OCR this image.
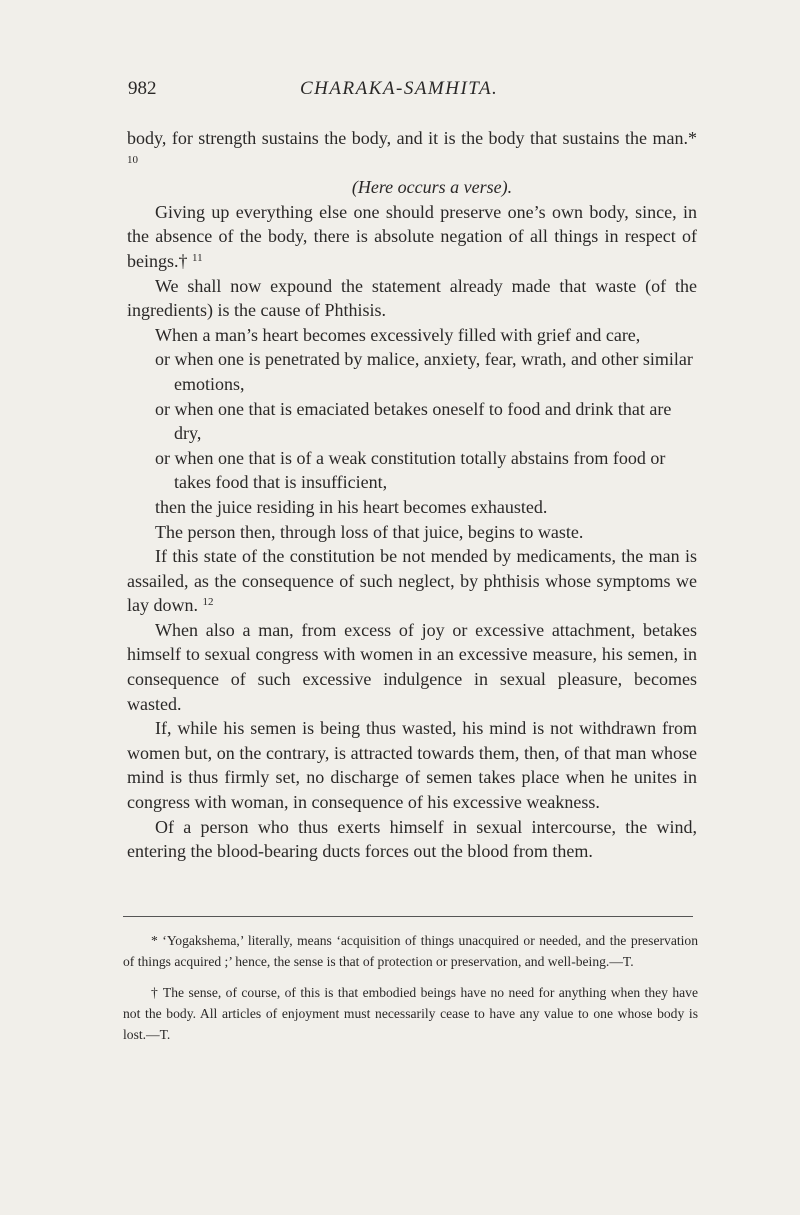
982	CHARAKA-SAMHITA.

body, for strength sustains the body, and it is the body that sustains the man.* $^{10}$

(Here occurs a verse).

Giving up everything else one should preserve one’s own body, since, in the absence of the body, there is absolute negation of all things in respect of beings.† $^{11}$

We shall now expound the statement already made that waste (of the ingredients) is the cause of Phthisis.

When a man’s heart becomes excessively filled with grief and care,

or when one is penetrated by malice, anxiety, fear, wrath, and other similar emotions,

or when one that is emaciated betakes oneself to food and drink that are dry,

or when one that is of a weak constitution totally abstains from food or takes food that is insufficient,

then the juice residing in his heart becomes exhausted.

The person then, through loss of that juice, begins to waste.

If this state of the constitution be not mended by medicaments, the man is assailed, as the consequence of such neglect, by phthisis whose symptoms we lay down. $^{12}$

When also a man, from excess of joy or excessive attachment, betakes himself to sexual congress with women in an excessive measure, his semen, in consequence of such excessive indulgence in sexual pleasure, becomes wasted.

If, while his semen is being thus wasted, his mind is not withdrawn from women but, on the contrary, is attracted towards them, then, of that man whose mind is thus firmly set, no discharge of semen takes place when he unites in congress with woman, in consequence of his excessive weakness.

Of a person who thus exerts himself in sexual intercourse, the wind, entering the blood-bearing ducts forces out the blood from them.

* ‘Yogakshema,’ literally, means ‘acquisition of things unacquired or needed, and the preservation of things acquired ;’ hence, the sense is that of protection or preservation, and well-being.—T.

† The sense, of course, of this is that embodied beings have no need for anything when they have not the body. All articles of enjoyment must necessarily cease to have any value to one whose body is lost.—T.
